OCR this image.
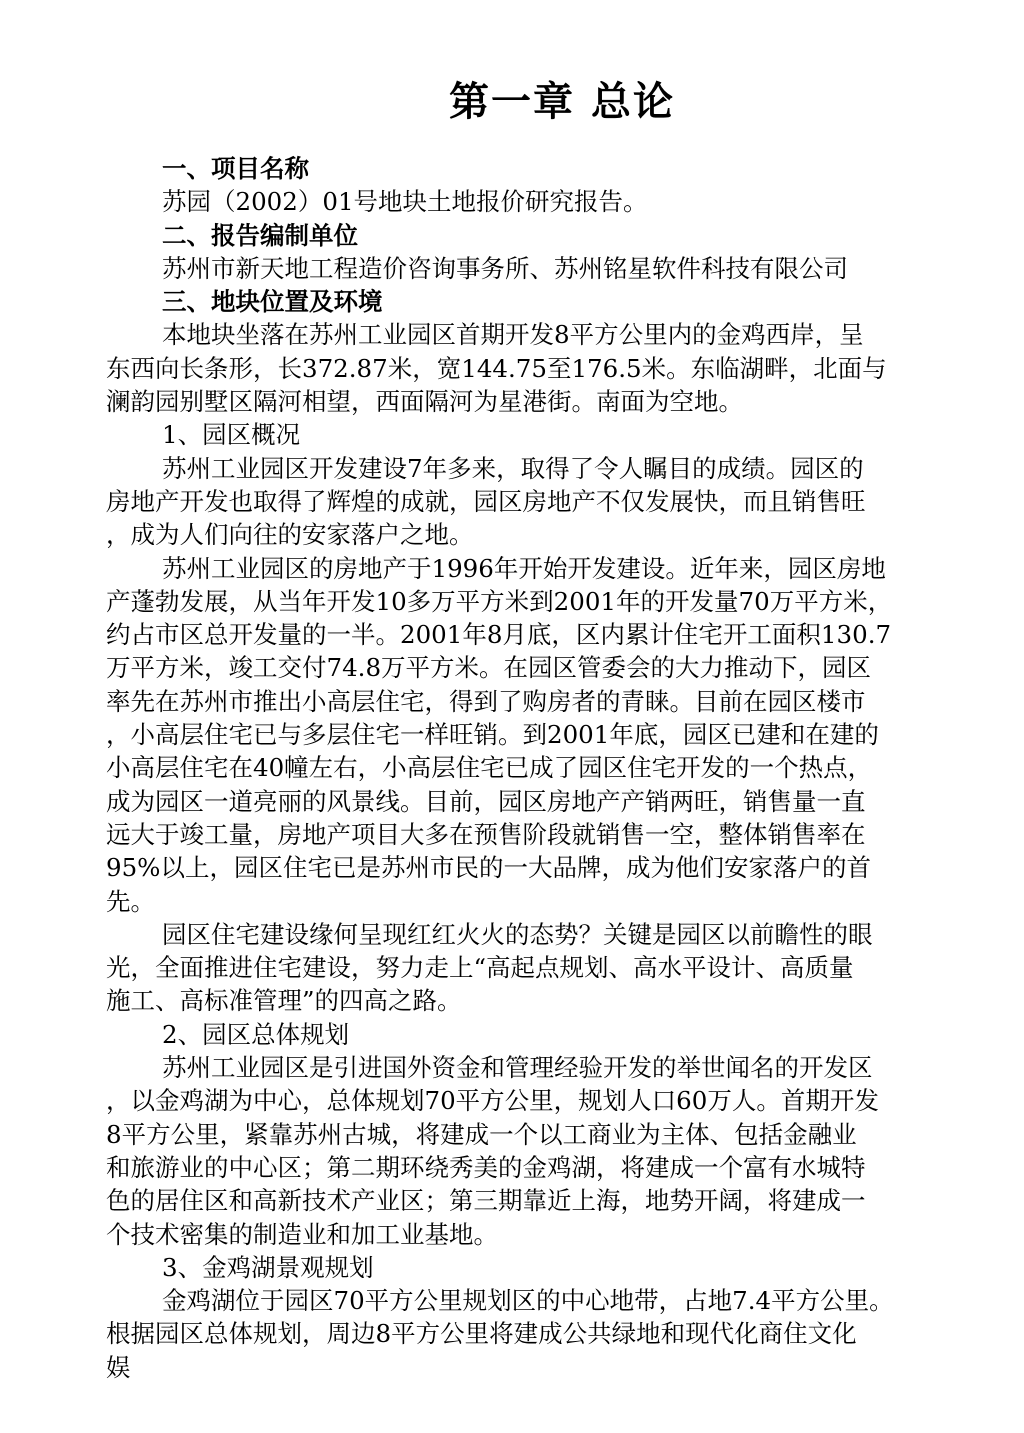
第一章 总论

一、项目名称

苏园（2002）01号地块土地报价研究报告。

二、报告编制单位

苏州市新天地工程造价咨询事务所、苏州铭星软件科技有限公司

三、地块位置及环境

本地块坐落在苏州工业园区首期开发8平方公里内的金鸡西岸，呈

东西向长条形，长372.87米，宽144.75至176.5米。东临湖畔，北面与

澜韵园别墅区隔河相望，西面隔河为星港街。南面为空地。

1、园区概况

苏州工业园区开发建设7年多来，取得了令人瞩目的成绩。园区的

房地产开发也取得了辉煌的成就，园区房地产不仅发展快，而且销售旺

，成为人们向往的安家落户之地。

苏州工业园区的房地产于1996年开始开发建设。近年来，园区房地

产蓬勃发展，从当年开发10多万平方米到2001年的开发量70万平方米，

约占市区总开发量的一半。2001年8月底，区内累计住宅开工面积130.7

万平方米，竣工交付74.8万平方米。在园区管委会的大力推动下，园区

率先在苏州市推出小高层住宅，得到了购房者的青睐。目前在园区楼市

，小高层住宅已与多层住宅一样旺销。到2001年底，园区已建和在建的

小高层住宅在40幢左右，小高层住宅已成了园区住宅开发的一个热点，

成为园区一道亮丽的风景线。目前，园区房地产产销两旺，销售量一直

远大于竣工量，房地产项目大多在预售阶段就销售一空，整体销售率在

95%以上，园区住宅已是苏州市民的一大品牌，成为他们安家落户的首

先。

园区住宅建设缘何呈现红红火火的态势？关键是园区以前瞻性的眼

光，全面推进住宅建设，努力走上“高起点规划、高水平设计、高质量

施工、高标准管理”的四高之路。

2、园区总体规划

苏州工业园区是引进国外资金和管理经验开发的举世闻名的开发区

，以金鸡湖为中心，总体规划70平方公里，规划人口60万人。首期开发

8平方公里，紧靠苏州古城，将建成一个以工商业为主体、包括金融业

和旅游业的中心区；第二期环绕秀美的金鸡湖，将建成一个富有水城特

色的居住区和高新技术产业区；第三期靠近上海，地势开阔，将建成一

个技术密集的制造业和加工业基地。

3、金鸡湖景观规划

金鸡湖位于园区70平方公里规划区的中心地带，占地7.4平方公里。

根据园区总体规划，周边8平方公里将建成公共绿地和现代化商住文化

娱
